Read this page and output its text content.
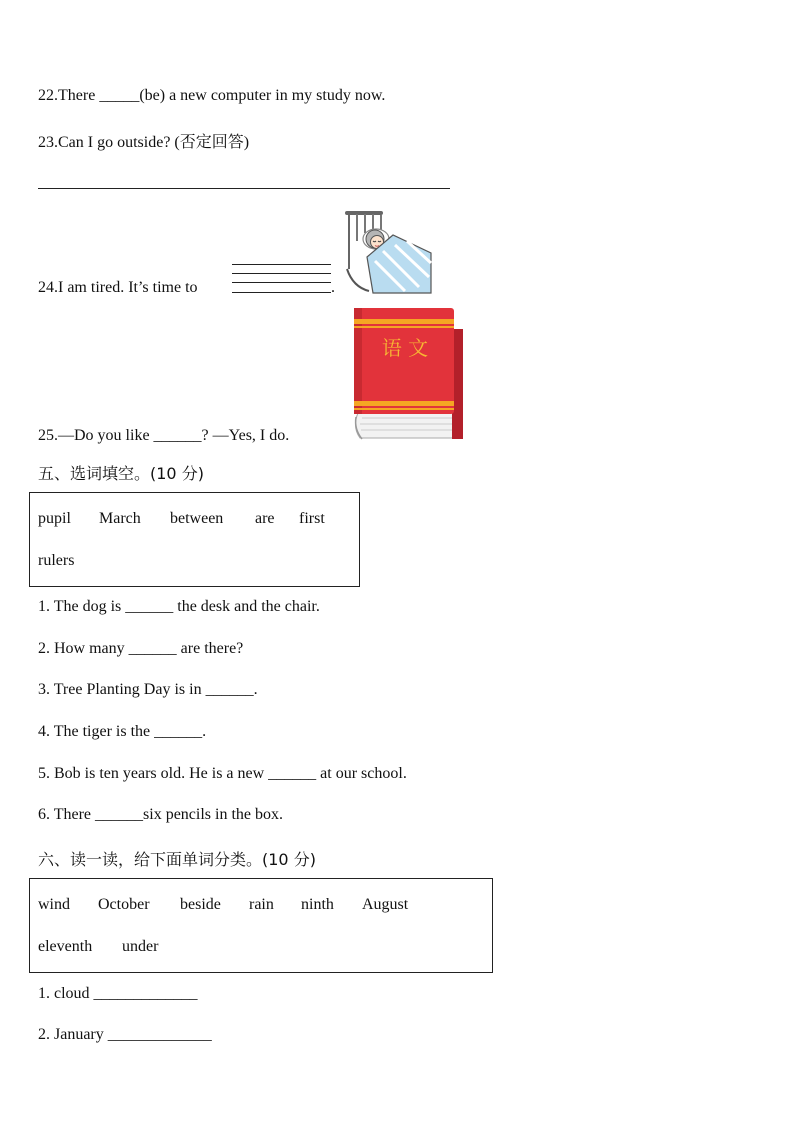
22.There _____(be) a new computer in my study now.
23.Can I go outside? (否定回答)
24.I am tired. It’s time to	.
语 文
25.—Do you like ______? —Yes, I do.
五、选词填空。(10 分)
pupil March between are first
rulers
1. The dog is ______ the desk and the chair.
2. How many ______ are there?
3. Tree Planting Day is in ______.
4. The tiger is the ______.
5. Bob is ten years old. He is a new ______ at our school.
6. There ______six pencils in the box.
六、读一读，给下面单词分类。(10 分)
wind October beside rain ninth August
eleventh under
1. cloud _____________
2. January _____________
